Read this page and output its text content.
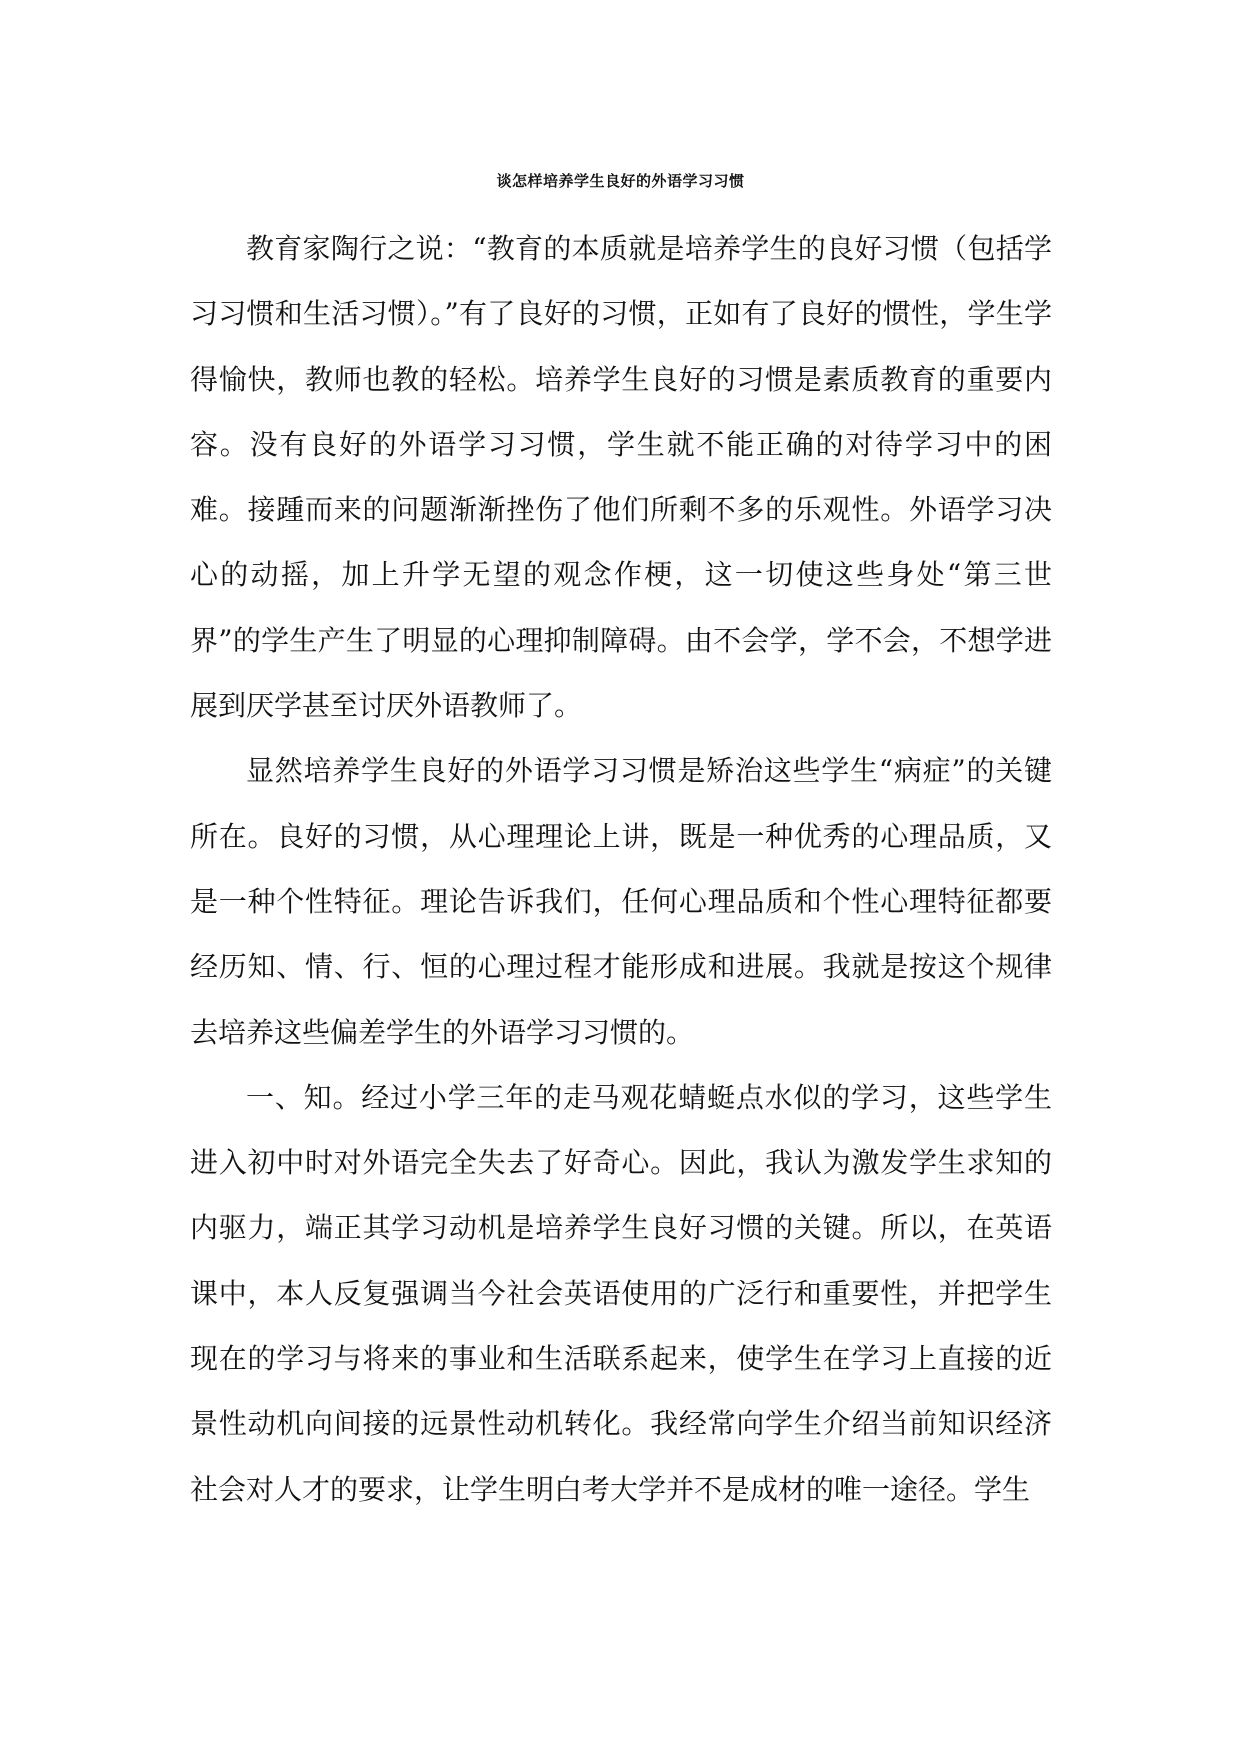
谈怎样培养学生良好的外语学习习惯

教育家陶行之说：“教育的本质就是培养学生的良好习惯（包括学习习惯和生活习惯）。”有了良好的习惯，正如有了良好的惯性，学生学得愉快，教师也教的轻松。培养学生良好的习惯是素质教育的重要内容。没有良好的外语学习习惯，学生就不能正确的对待学习中的困难。接踵而来的问题渐渐挫伤了他们所剩不多的乐观性。外语学习决心的动摇，加上升学无望的观念作梗，这一切使这些身处“第三世界”的学生产生了明显的心理抑制障碍。由不会学，学不会，不想学进展到厌学甚至讨厌外语教师了。

显然培养学生良好的外语学习习惯是矫治这些学生“病症”的关键所在。良好的习惯，从心理理论上讲，既是一种优秀的心理品质，又是一种个性特征。理论告诉我们，任何心理品质和个性心理特征都要经历知、情、行、恒的心理过程才能形成和进展。我就是按这个规律去培养这些偏差学生的外语学习习惯的。

一、知。经过小学三年的走马观花蜻蜓点水似的学习，这些学生进入初中时对外语完全失去了好奇心。因此，我认为激发学生求知的内驱力，端正其学习动机是培养学生良好习惯的关键。所以，在英语课中，本人反复强调当今社会英语使用的广泛行和重要性，并把学生现在的学习与将来的事业和生活联系起来，使学生在学习上直接的近景性动机向间接的远景性动机转化。我经常向学生介绍当前知识经济社会对人才的要求，让学生明白考大学并不是成材的唯一途径。学生
